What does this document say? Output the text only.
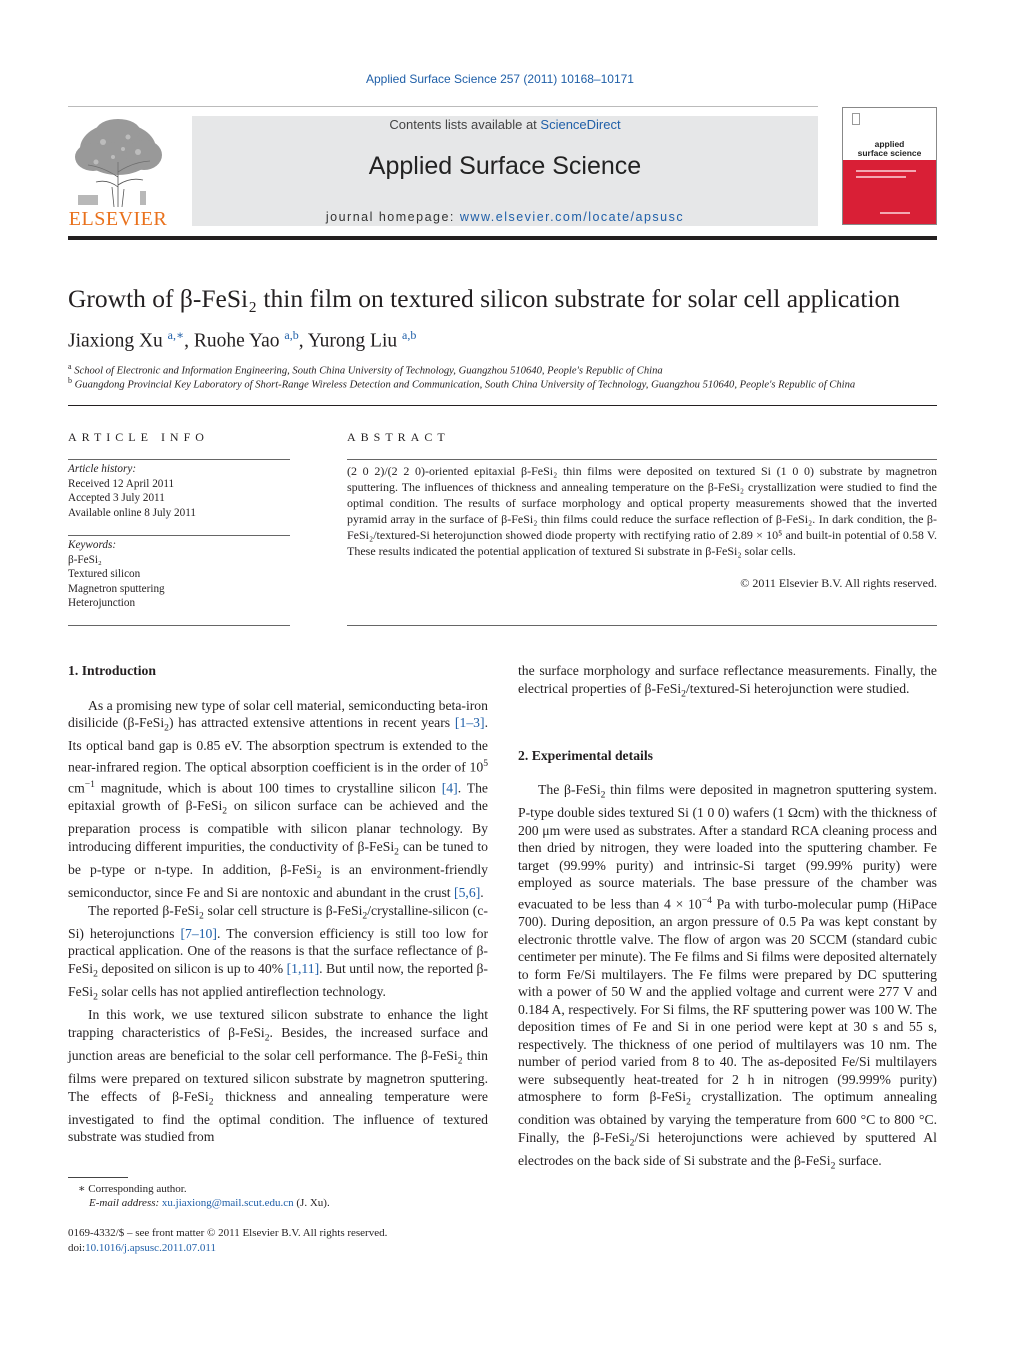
Applied Surface Science 257 (2011) 10168–10171
ELSEVIER
Contents lists available at ScienceDirect
Applied Surface Science
journal homepage: www.elsevier.com/locate/apsusc
applied
surface science
Growth of β-FeSi₂ thin film on textured silicon substrate for solar cell application
Jiaxiong Xu $^{a,∗}$, Ruohe Yao $^{a,b}$, Yurong Liu $^{a,b}$
$^a$ School of Electronic and Information Engineering, South China University of Technology, Guangzhou 510640, People's Republic of China
$^b$ Guangdong Provincial Key Laboratory of Short-Range Wireless Detection and Communication, South China University of Technology, Guangzhou 510640, People's Republic of China
ARTICLE INFO
Article history:
Received 12 April 2011
Accepted 3 July 2011
Available online 8 July 2011
Keywords:
β-FeSi₂
Textured silicon
Magnetron sputtering
Heterojunction
ABSTRACT
(2 0 2)/(2 2 0)-oriented epitaxial β-FeSi₂ thin films were deposited on textured Si (1 0 0) substrate by magnetron sputtering. The influences of thickness and annealing temperature on the β-FeSi₂ crystallization were studied to find the optimal condition. The results of surface morphology and optical property measurements showed that the inverted pyramid array in the surface of β-FeSi₂ thin films could reduce the surface reflection of β-FeSi₂. In dark condition, the β-FeSi₂/textured-Si heterojunction showed diode property with rectifying ratio of 2.89 × 10⁵ and built-in potential of 0.58 V. These results indicated the potential application of textured Si substrate in β-FeSi₂ solar cells.
© 2011 Elsevier B.V. All rights reserved.
1. Introduction

As a promising new type of solar cell material, semiconducting beta-iron disilicide (β-FeSi$_2$) has attracted extensive attentions in recent years [1–3]. Its optical band gap is 0.85 eV. The absorption spectrum is extended to the near-infrared region. The optical absorption coefficient is in the order of $10^5$ $cm^{-1}$ magnitude, which is about 100 times to crystalline silicon [4]. The epitaxial growth of β-FeSi$_2$ on silicon surface can be achieved and the preparation process is compatible with silicon planar technology. By introducing different impurities, the conductivity of β-FeSi$_2$ can be tuned to be p-type or n-type. In addition, β-FeSi$_2$ is an environment-friendly semiconductor, since Fe and Si are nontoxic and abundant in the crust [5,6].

The reported β-FeSi$_2$ solar cell structure is β-FeSi$_2$/crystalline-silicon (c-Si) heterojunctions [7–10]. The conversion efficiency is still too low for practical application. One of the reasons is that the surface reflectance of β-FeSi$_2$ deposited on silicon is up to 40% [1,11]. But until now, the reported β-FeSi$_2$ solar cells has not applied antireflection technology.

In this work, we use textured silicon substrate to enhance the light trapping characteristics of β-FeSi$_2$. Besides, the increased surface and junction areas are beneficial to the solar cell performance. The β-FeSi$_2$ thin films were prepared on textured silicon substrate by magnetron sputtering. The effects of β-FeSi$_2$ thickness and annealing temperature were investigated to find the optimal condition. The influence of textured substrate was studied from

the surface morphology and surface reflectance measurements. Finally, the electrical properties of β-FeSi$_2$/textured-Si heterojunction were studied.

2. Experimental details

The β-FeSi$_2$ thin films were deposited in magnetron sputtering system. P-type double sides textured Si (1 0 0) wafers (1 Ωcm) with the thickness of 200 μm were used as substrates. After a standard RCA cleaning process and then dried by nitrogen, they were loaded into the sputtering chamber. Fe target (99.99% purity) and intrinsic-Si target (99.99% purity) were employed as source materials. The base pressure of the chamber was evacuated to be less than $4 \times 10^{-4}$ Pa with turbo-molecular pump (HiPace 700). During deposition, an argon pressure of 0.5 Pa was kept constant by electronic throttle valve. The flow of argon was 20 SCCM (standard cubic centimeter per minute). The Fe films and Si films were deposited alternately to form Fe/Si multilayers. The Fe films were prepared by DC sputtering with a power of 50 W and the applied voltage and current were 277 V and 0.184 A, respectively. For Si films, the RF sputtering power was 100 W. The deposition times of Fe and Si in one period were kept at 30 s and 55 s, respectively. The thickness of one period of multilayers was 10 nm. The number of period varied from 8 to 40. The as-deposited Fe/Si multilayers were subsequently heat-treated for 2 h in nitrogen (99.999% purity) atmosphere to form β-FeSi$_2$ crystallization. The optimum annealing condition was obtained by varying the temperature from 600 °C to 800 °C. Finally, the β-FeSi$_2$/Si heterojunctions were achieved by sputtered Al electrodes on the back side of Si substrate and the β-FeSi$_2$ surface.

∗ Corresponding author.
E-mail address: xu.jiaxiong@mail.scut.edu.cn (J. Xu).
0169-4332/$ – see front matter © 2011 Elsevier B.V. All rights reserved.
doi:10.1016/j.apsusc.2011.07.011
